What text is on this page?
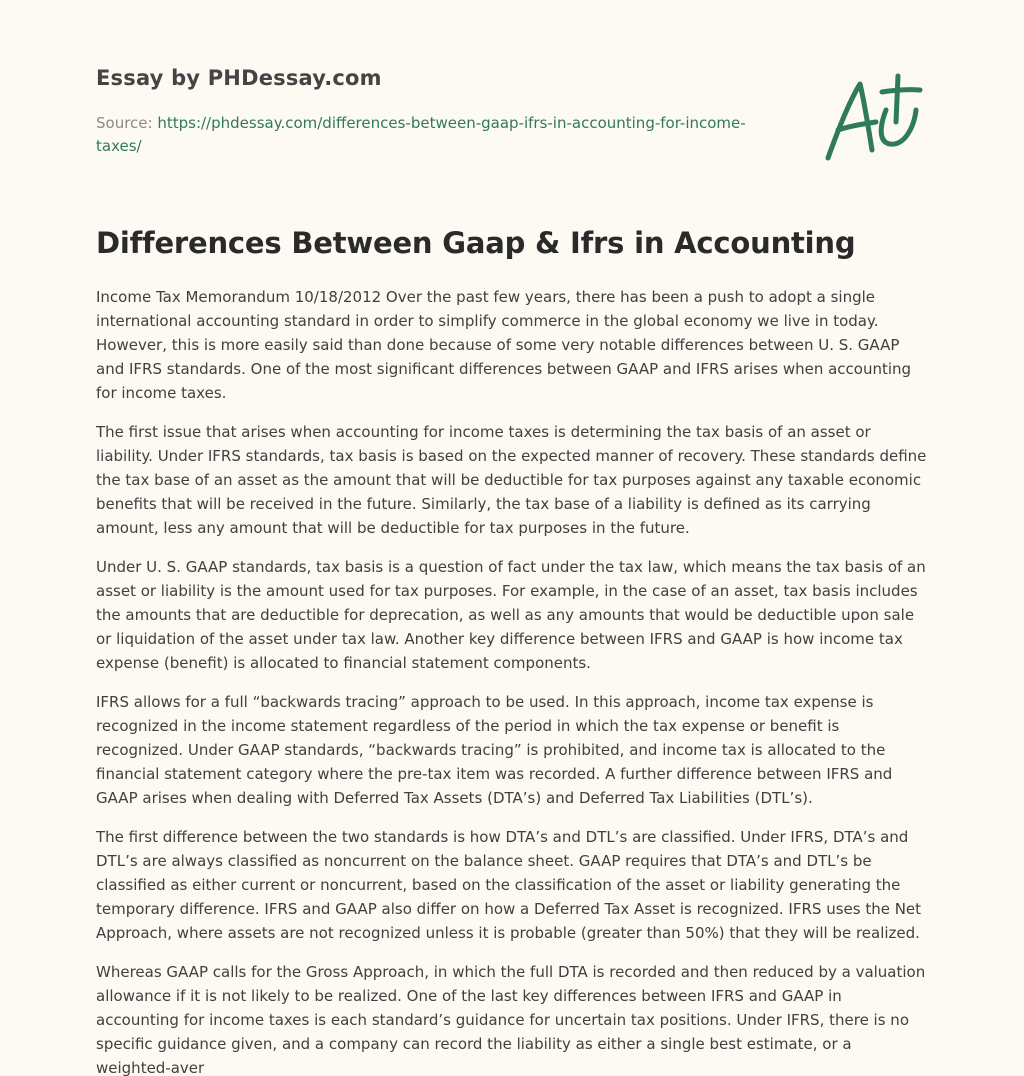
Essay by PHDessay.com
Source: https://phdessay.com/differences-between-gaap-ifrs-in-accounting-for-income-taxes/
Differences Between Gaap & Ifrs in Accounting

Income Tax Memorandum 10/18/2012 Over the past few years, there has been a push to adopt a single international accounting standard in order to simplify commerce in the global economy we live in today. However, this is more easily said than done because of some very notable differences between U. S. GAAP and IFRS standards. One of the most significant differences between GAAP and IFRS arises when accounting for income taxes.

The first issue that arises when accounting for income taxes is determining the tax basis of an asset or liability. Under IFRS standards, tax basis is based on the expected manner of recovery. These standards define the tax base of an asset as the amount that will be deductible for tax purposes against any taxable economic benefits that will be received in the future. Similarly, the tax base of a liability is defined as its carrying amount, less any amount that will be deductible for tax purposes in the future.

Under U. S. GAAP standards, tax basis is a question of fact under the tax law, which means the tax basis of an asset or liability is the amount used for tax purposes. For example, in the case of an asset, tax basis includes the amounts that are deductible for deprecation, as well as any amounts that would be deductible upon sale or liquidation of the asset under tax law. Another key difference between IFRS and GAAP is how income tax expense (benefit) is allocated to financial statement components.

IFRS allows for a full “backwards tracing” approach to be used. In this approach, income tax expense is recognized in the income statement regardless of the period in which the tax expense or benefit is recognized. Under GAAP standards, “backwards tracing” is prohibited, and income tax is allocated to the financial statement category where the pre-tax item was recorded. A further difference between IFRS and GAAP arises when dealing with Deferred Tax Assets (DTA’s) and Deferred Tax Liabilities (DTL’s).

The first difference between the two standards is how DTA’s and DTL’s are classified. Under IFRS, DTA’s and DTL’s are always classified as noncurrent on the balance sheet. GAAP requires that DTA’s and DTL’s be classified as either current or noncurrent, based on the classification of the asset or liability generating the temporary difference. IFRS and GAAP also differ on how a Deferred Tax Asset is recognized. IFRS uses the Net Approach, where assets are not recognized unless it is probable (greater than 50%) that they will be realized.

Whereas GAAP calls for the Gross Approach, in which the full DTA is recorded and then reduced by a valuation allowance if it is not likely to be realized. One of the last key differences between IFRS and GAAP in accounting for income taxes is each standard’s guidance for uncertain tax positions. Under IFRS, there is no specific guidance given, and a company can record the liability as either a single best estimate, or a weighted-aver
